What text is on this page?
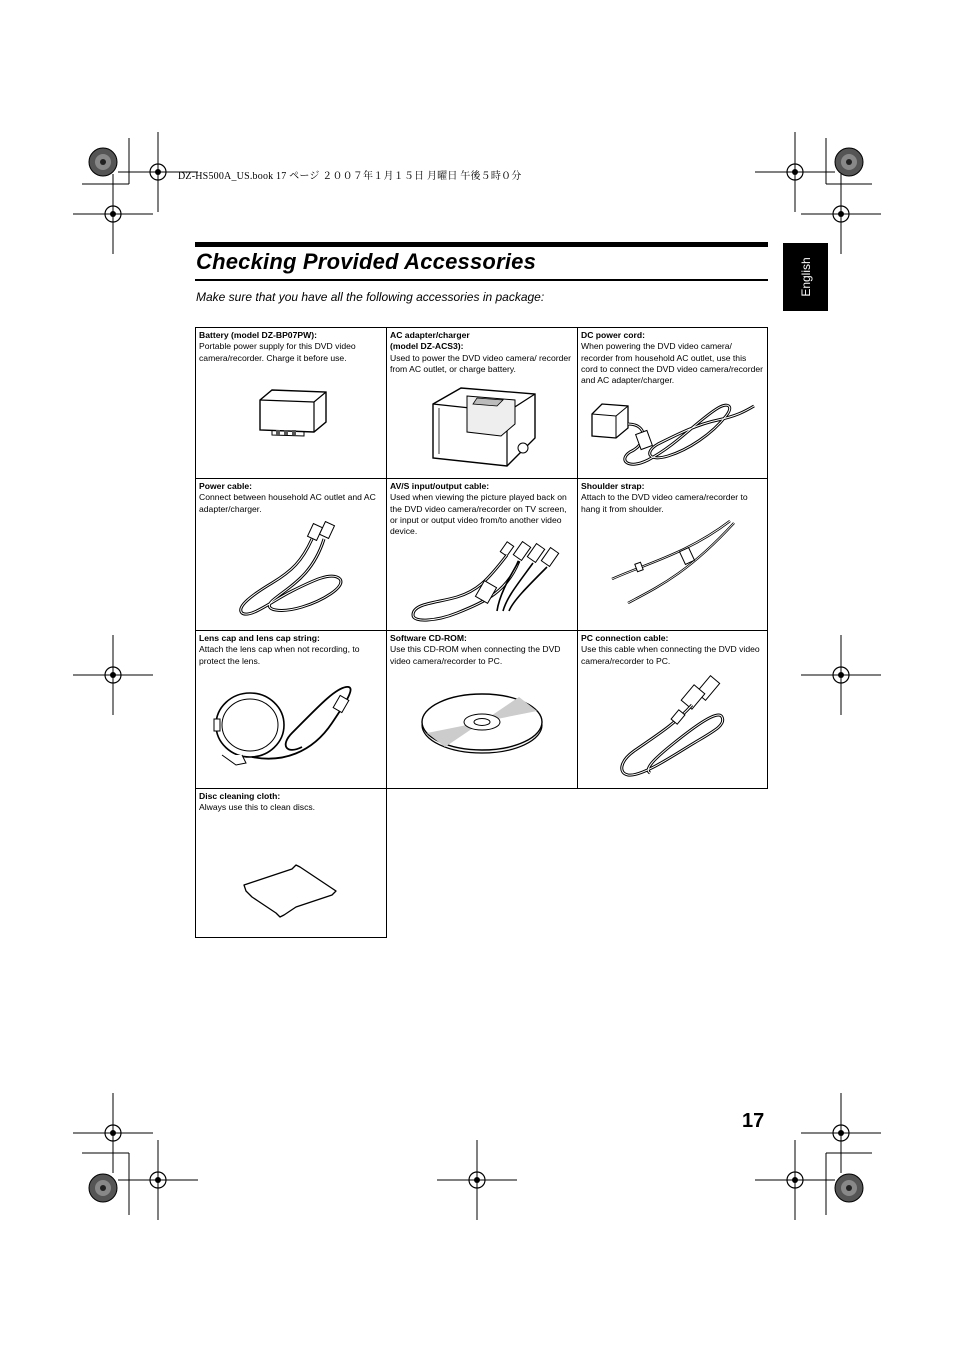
DZ-HS500A_US.book 17 ページ ２００７年１月１５日 月曜日 午後５時０分
Checking Provided Accessories	English

Make sure that you have all the following accessories in package:

Battery (model DZ-BP07PW):
Portable power supply for this DVD video camera/recorder. Charge it before use.
AC adapter/charger
(model DZ-ACS3):
Used to power the DVD video camera/ recorder from AC outlet, or charge battery.
DC power cord:
When powering the DVD video camera/ recorder from household AC outlet, use this cord to connect the DVD video camera/recorder and AC adapter/charger.
Power cable:
Connect between household AC outlet and AC adapter/charger.
AV/S input/output cable:
Used when viewing the picture played back on the DVD video camera/recorder on TV screen, or input or output video from/to another video device.
Shoulder strap:
Attach to the DVD video camera/recorder to hang it from shoulder.
Lens cap and lens cap string:
Attach the lens cap when not recording, to protect the lens.
Software CD-ROM:
Use this CD-ROM when connecting the DVD video camera/recorder to PC.
PC connection cable:
Use this cable when connecting the DVD video camera/recorder to PC.
Disc cleaning cloth:
Always use this to clean discs.
17
